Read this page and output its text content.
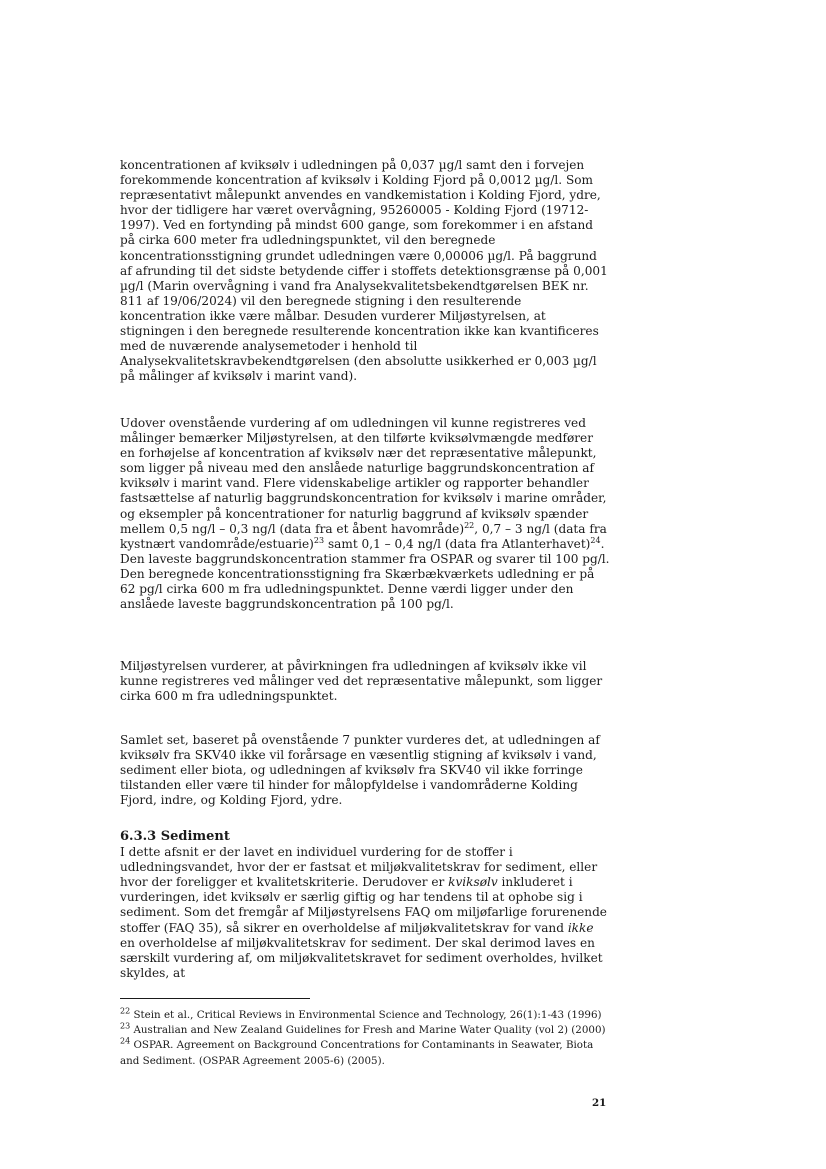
koncentrationen af kviksølv i udledningen på 0,037 µg/l samt den i forvejen forekommende koncentration af kviksølv i Kolding Fjord på 0,0012 µg/l. Som repræsentativt målepunkt anvendes en vandkemistation i Kolding Fjord, ydre, hvor der tidligere har været overvågning, 95260005 - Kolding Fjord (19712-1997). Ved en fortynding på mindst 600 gange, som forekommer i en afstand på cirka 600 meter fra udledningspunktet, vil den beregnede koncentrationsstigning grundet udledningen være 0,00006 µg/l. På baggrund af afrunding til det sidste betydende ciffer i stoffets detektionsgrænse på 0,001 µg/l (Marin overvågning i vand fra Analysekvalitetsbekendtgørelsen BEK nr. 811 af 19/06/2024) vil den beregnede stigning i den resulterende koncentration ikke være målbar. Desuden vurderer Miljøstyrelsen, at stigningen i den beregnede resulterende koncentration ikke kan kvantificeres med de nuværende analysemetoder i henhold til Analysekvalitetskravbekendtgørelsen (den absolutte usikkerhed er 0,003 µg/l på målinger af kviksølv i marint vand).

Udover ovenstående vurdering af om udledningen vil kunne registreres ved målinger bemærker Miljøstyrelsen, at den tilførte kviksølvmængde medfører en forhøjelse af koncentration af kviksølv nær det repræsentative målepunkt, som ligger på niveau med den anslåede naturlige baggrundskoncentration af kviksølv i marint vand. Flere videnskabelige artikler og rapporter behandler fastsættelse af naturlig baggrundskoncentration for kviksølv i marine områder, og eksempler på koncentrationer for naturlig baggrund af kviksølv spænder mellem 0,5 ng/l – 0,3 ng/l (data fra et åbent havområde)$^{22}$, 0,7 – 3 ng/l (data fra kystnært vandområde/estuarie)$^{23}$ samt 0,1 – 0,4 ng/l (data fra Atlanterhavet)$^{24}$. Den laveste baggrundskoncentration stammer fra OSPAR og svarer til 100 pg/l. Den beregnede koncentrationsstigning fra Skærbækværkets udledning er på 62 pg/l cirka 600 m fra udledningspunktet. Denne værdi ligger under den anslåede laveste baggrundskoncentration på 100 pg/l.

Miljøstyrelsen vurderer, at påvirkningen fra udledningen af kviksølv ikke vil kunne registreres ved målinger ved det repræsentative målepunkt, som ligger cirka 600 m fra udledningspunktet.

Samlet set, baseret på ovenstående 7 punkter vurderes det, at udledningen af kviksølv fra SKV40 ikke vil forårsage en væsentlig stigning af kviksølv i vand, sediment eller biota, og udledningen af kviksølv fra SKV40 vil ikke forringe tilstanden eller være til hinder for målopfyldelse i vandområderne Kolding Fjord, indre, og Kolding Fjord, ydre.

6.3.3 Sediment

I dette afsnit er der lavet en individuel vurdering for de stoffer i udledningsvandet, hvor der er fastsat et miljøkvalitetskrav for sediment, eller hvor der foreligger et kvalitetskriterie. Derudover er kviksølv inkluderet i vurderingen, idet kviksølv er særlig giftig og har tendens til at ophobe sig i sediment. Som det fremgår af Miljøstyrelsens FAQ om miljøfarlige forurenende stoffer (FAQ 35), så sikrer en overholdelse af miljøkvalitetskrav for vand ikke en overholdelse af miljøkvalitetskrav for sediment. Der skal derimod laves en særskilt vurdering af, om miljøkvalitetskravet for sediment overholdes, hvilket skyldes, at

$^{22}$ Stein et al., Critical Reviews in Environmental Science and Technology, 26(1):1-43 (1996)

$^{23}$ Australian and New Zealand Guidelines for Fresh and Marine Water Quality (vol 2) (2000)

$^{24}$ OSPAR. Agreement on Background Concentrations for Contaminants in Seawater, Biota and Sediment. (OSPAR Agreement 2005-6) (2005).

21
